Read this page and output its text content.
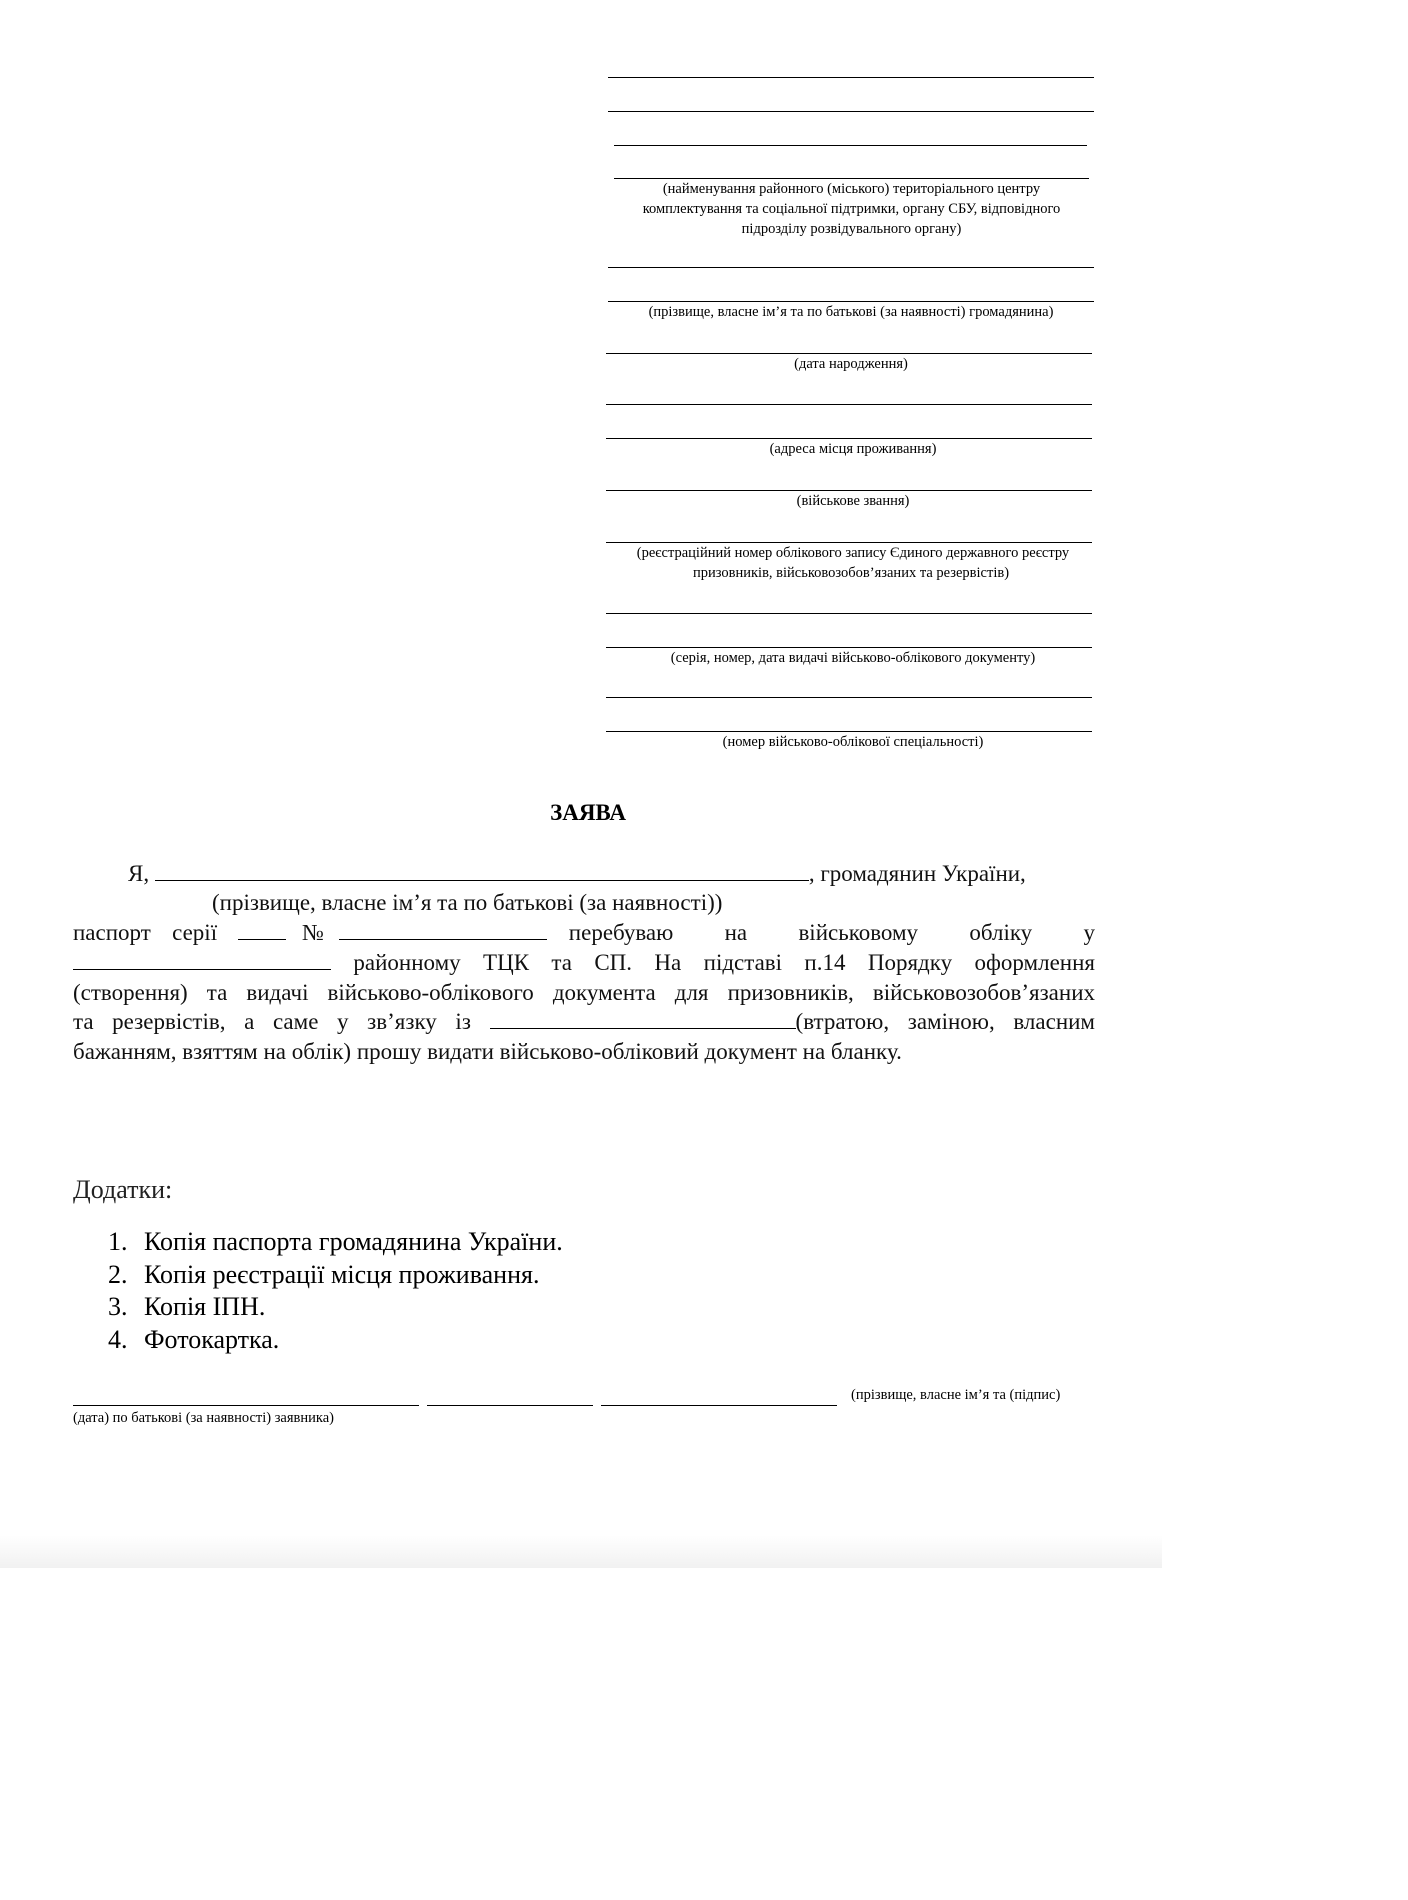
(найменування районного (міського) територіального центру
комплектування та соціальної підтримки, органу СБУ, відповідного
підрозділу розвідувального органу)
(прізвище, власне ім’я та по батькові (за наявності) громадянина)
(дата народження)
(адреса місця проживання)
(військове звання)
(реєстраційний номер облікового запису Єдиного державного реєстру
призовників, військовозобов’язаних та резервістів)
(серія, номер, дата видачі військово-облікового документу)
(номер військово-облікової спеціальності)
ЗАЯВА
Я,	, громадянин України,
(прізвище, власне ім’я та по батькові (за наявності))
паспорт серії	№	перебуваю на військовому обліку у
районному ТЦК та СП. На підставі п.14 Порядку оформлення
(створення) та видачі військово-облікового документа для призовників, військовозобов’язаних
та резервістів, а саме у зв’язку із	(втратою, заміною, власним
бажанням, взяттям на облік) прошу видати військово-обліковий документ на бланку.
Додатки:
1. Копія паспорта громадянина України.
2. Копія реєстрації місця проживання.
3. Копія ІПН.
4. Фотокартка.
(прізвище, власне ім’я та (підпис)
(дата) по батькові (за наявності) заявника)
